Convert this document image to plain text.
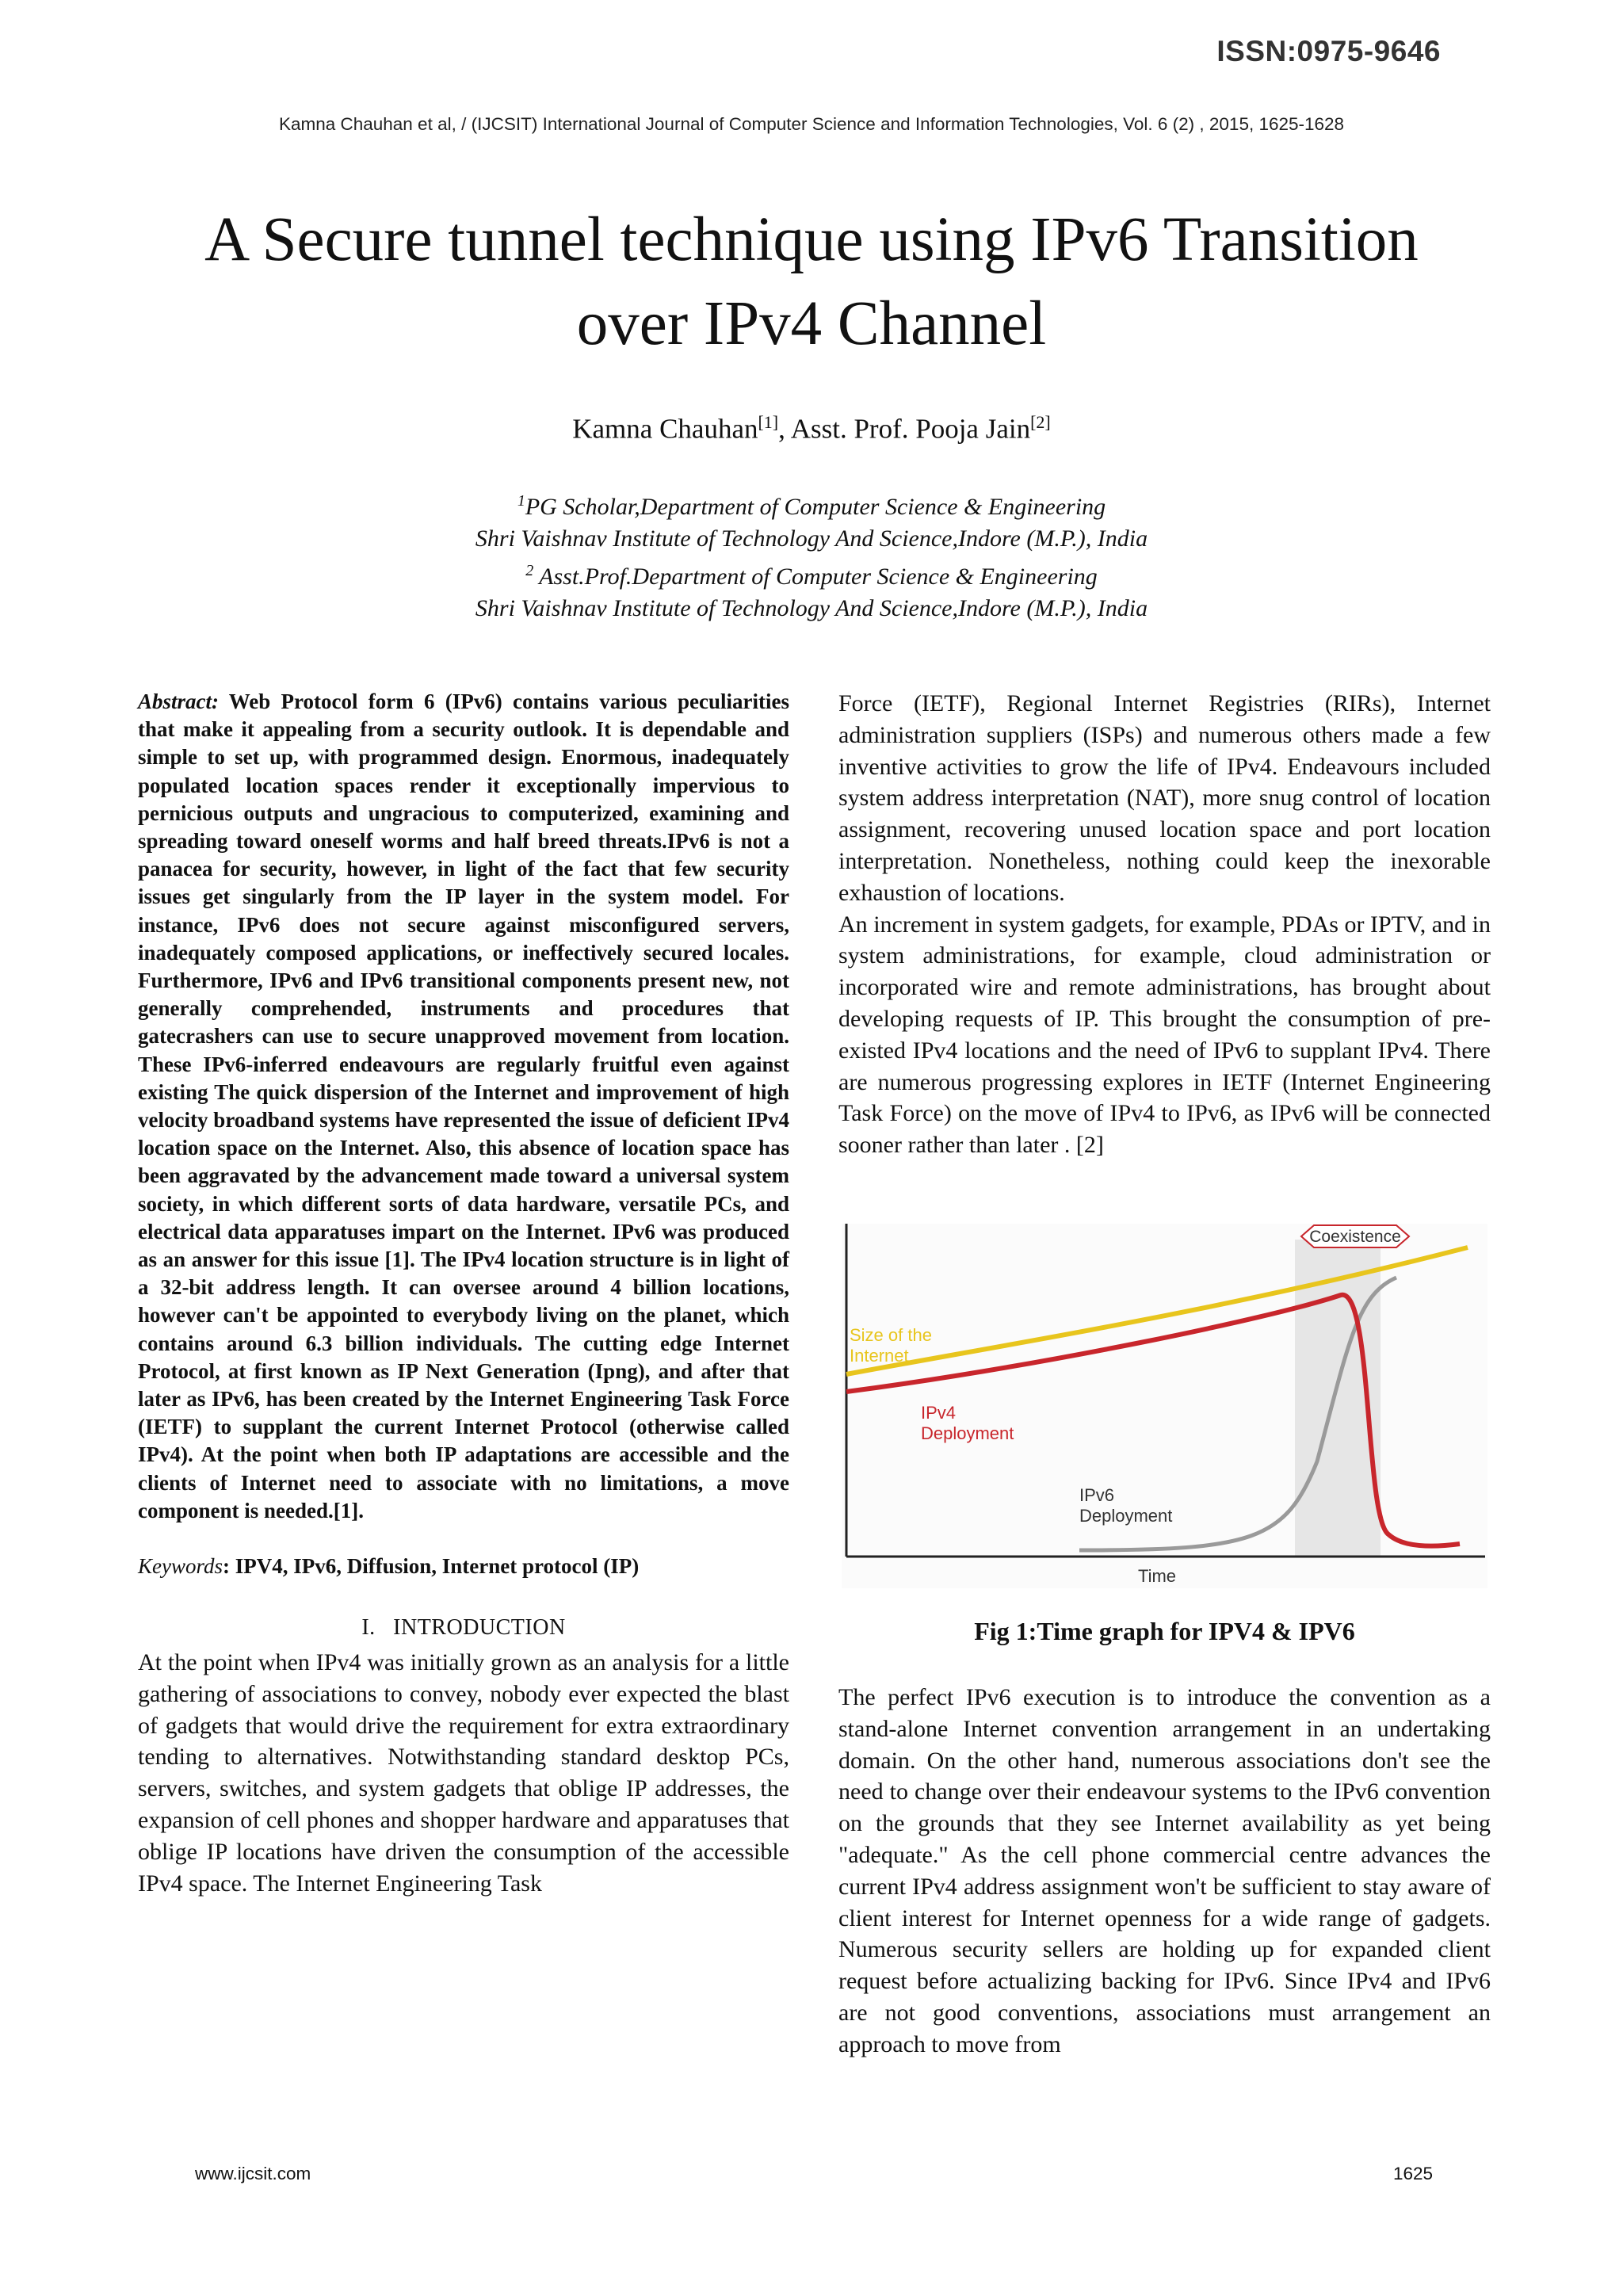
ISSN:0975-9646
Kamna Chauhan et al, / (IJCSIT) International Journal of Computer Science and Information Technologies, Vol. 6 (2) , 2015, 1625-1628
A Secure tunnel technique using IPv6 Transition
over IPv4 Channel
Kamna Chauhan[1], Asst. Prof. Pooja Jain[2]
$^1$PG Scholar,Department of Computer Science & Engineering
Shri Vaishnav Institute of Technology And Science,Indore (M.P.), India
$^2$ Asst.Prof.Department of Computer Science & Engineering
Shri Vaishnav Institute of Technology And Science,Indore (M.P.), India

Abstract: Web Protocol form 6 (IPv6) contains various peculiarities that make it appealing from a security outlook. It is dependable and simple to set up, with programmed design. Enormous, inadequately populated location spaces render it exceptionally impervious to pernicious outputs and ungracious to computerized, examining and spreading toward oneself worms and half breed threats.IPv6 is not a panacea for security, however, in light of the fact that few security issues get singularly from the IP layer in the system model. For instance, IPv6 does not secure against misconfigured servers, inadequately composed applications, or ineffectively secured locales. Furthermore, IPv6 and IPv6 transitional components present new, not generally comprehended, instruments and procedures that gatecrashers can use to secure unapproved movement from location. These IPv6-inferred endeavours are regularly fruitful even against existing The quick dispersion of the Internet and improvement of high velocity broadband systems have represented the issue of deficient IPv4 location space on the Internet. Also, this absence of location space has been aggravated by the advancement made toward a universal system society, in which different sorts of data hardware, versatile PCs, and electrical data apparatuses impart on the Internet. IPv6 was produced as an answer for this issue [1]. The IPv4 location structure is in light of a 32-bit address length. It can oversee around 4 billion locations, however can't be appointed to everybody living on the planet, which contains around 6.3 billion individuals. The cutting edge Internet Protocol, at first known as IP Next Generation (Ipng), and after that later as IPv6, has been created by the Internet Engineering Task Force (IETF) to supplant the current Internet Protocol (otherwise called IPv4). At the point when both IP adaptations are accessible and the clients of Internet need to associate with no limitations, a move component is needed.[1].

Keywords: IPV4, IPv6, Diffusion, Internet protocol (IP)

I. INTRODUCTION

At the point when IPv4 was initially grown as an analysis for a little gathering of associations to convey, nobody ever expected the blast of gadgets that would drive the requirement for extra extraordinary tending to alternatives. Notwithstanding standard desktop PCs, servers, switches, and system gadgets that oblige IP addresses, the expansion of cell phones and shopper hardware and apparatuses that oblige IP locations have driven the consumption of the accessible IPv4 space. The Internet Engineering Task

Force (IETF), Regional Internet Registries (RIRs), Internet administration suppliers (ISPs) and numerous others made a few inventive activities to grow the life of IPv4. Endeavours included system address interpretation (NAT), more snug control of location assignment, recovering unused location space and port location interpretation. Nonetheless, nothing could keep the inexorable exhaustion of locations.

An increment in system gadgets, for example, PDAs or IPTV, and in system administrations, for example, cloud administration or incorporated wire and remote administrations, has brought about developing requests of IP. This brought the consumption of pre-existed IPv4 locations and the need of IPv6 to supplant IPv4. There are numerous progressing explores in IETF (Internet Engineering Task Force) on the move of IPv4 to IPv6, as IPv6 will be connected sooner rather than later . [2]

Coexistence
Size of the
Internet
IPv4
Deployment
IPv6
Deployment
Time
Fig 1:Time graph for IPV4 & IPV6

The perfect IPv6 execution is to introduce the convention as a stand-alone Internet convention arrangement in an undertaking domain. On the other hand, numerous associations don't see the need to change over their endeavour systems to the IPv6 convention on the grounds that they see Internet availability as yet being "adequate." As the cell phone commercial centre advances the current IPv4 address assignment won't be sufficient to stay aware of client interest for Internet openness for a wide range of gadgets. Numerous security sellers are holding up for expanded client request before actualizing backing for IPv6. Since IPv4 and IPv6 are not good conventions, associations must arrangement an approach to move from

www.ijcsit.com	1625
